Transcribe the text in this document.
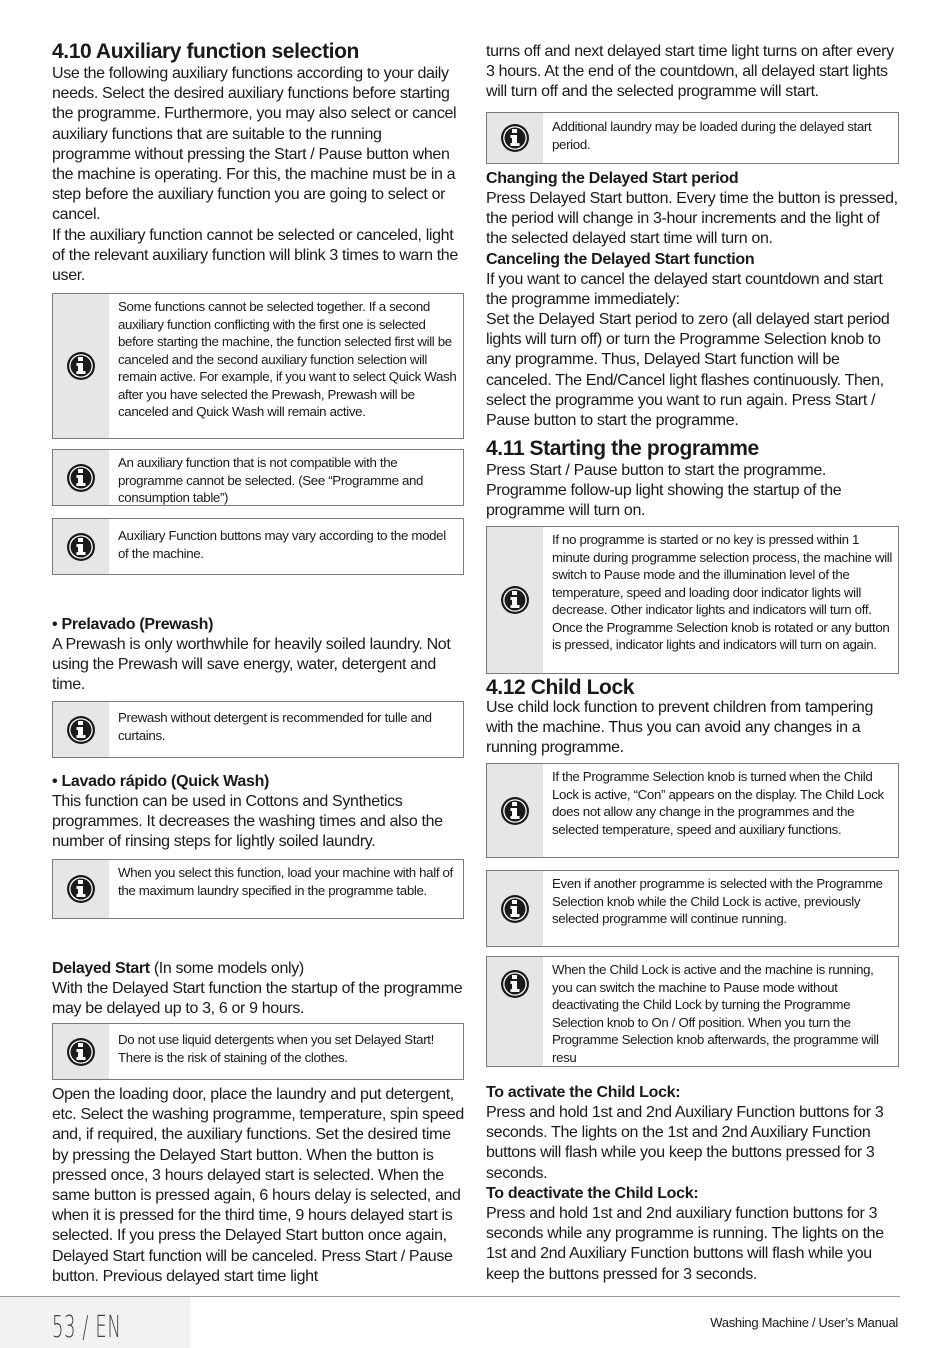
4.10 Auxiliary function selection

Use the following auxiliary functions according to your daily needs. Select the desired auxiliary functions before starting the programme. Furthermore, you may also select or cancel auxiliary functions that are suitable to the running programme without pressing the Start / Pause button when the machine is operating. For this, the machine must be in a step before the auxiliary function you are going to select or cancel.

If the auxiliary function cannot be selected or canceled, light of the relevant auxiliary function will blink 3 times to warn the user.

Some functions cannot be selected together. If a second auxiliary function conflicting with the first one is selected before starting the machine, the function selected first will be canceled and the second auxiliary function selection will remain active. For example, if you want to select Quick Wash after you have selected the Prewash, Prewash will be canceled and Quick Wash will remain active.
An auxiliary function that is not compatible with the programme cannot be selected. (See “Programme and consumption table”)
Auxiliary Function buttons may vary according to the model of the machine.
• Prelavado (Prewash)

A Prewash is only worthwhile for heavily soiled laundry. Not using the Prewash will save energy, water, detergent and time.

Prewash without detergent is recommended for tulle and curtains.
• Lavado rápido (Quick Wash)

This function can be used in Cottons and Synthetics programmes. It decreases the washing times and also the number of rinsing steps for lightly soiled laundry.

When you select this function, load your machine with half of the maximum laundry specified in the programme table.
Delayed Start (In some models only)

With the Delayed Start function the startup of the programme may be delayed up to 3, 6 or 9 hours.

Do not use liquid detergents when you set Delayed Start! There is the risk of staining of the clothes.

Open the loading door, place the laundry and put detergent, etc. Select the washing programme, temperature, spin speed and, if required, the auxiliary functions. Set the desired time by pressing the Delayed Start button. When the button is pressed once, 3 hours delayed start is selected. When the same button is pressed again, 6 hours delay is selected, and when it is pressed for the third time, 9 hours delayed start is selected. If you press the Delayed Start button once again, Delayed Start function will be canceled. Press Start / Pause button. Previous delayed start time light

turns off and next delayed start time light turns on after every 3 hours. At the end of the countdown, all delayed start lights will turn off and the selected programme will start.

Additional laundry may be loaded during the delayed start period.
Changing the Delayed Start period

Press Delayed Start button. Every time the button is pressed, the period will change in 3-hour increments and the light of the selected delayed start time will turn on.

Canceling the Delayed Start function

If you want to cancel the delayed start countdown and start the programme immediately:

Set the Delayed Start period to zero (all delayed start period lights will turn off) or turn the Programme Selection knob to any programme. Thus, Delayed Start function will be canceled. The End/Cancel light flashes continuously. Then, select the programme you want to run again. Press Start / Pause button to start the programme.

4.11 Starting the programme

Press Start / Pause button to start the programme. Programme follow-up light showing the startup of the programme will turn on.

If no programme is started or no key is pressed within 1 minute during programme selection process, the machine will switch to Pause mode and the illumination level of the temperature, speed and loading door indicator lights will decrease. Other indicator lights and indicators will turn off. Once the Programme Selection knob is rotated or any button is pressed, indicator lights and indicators will turn on again.
4.12 Child Lock

Use child lock function to prevent children from tampering with the machine. Thus you can avoid any changes in a running programme.

If the Programme Selection knob is turned when the Child Lock is active, “Con” appears on the display. The Child Lock does not allow any change in the programmes and the selected temperature, speed and auxiliary functions.
Even if another programme is selected with the Programme Selection knob while the Child Lock is active, previously selected programme will continue running.
When the Child Lock is active and the machine is running, you can switch the machine to Pause mode without deactivating the Child Lock by turning the Programme Selection knob to On / Off position. When you turn the Programme Selection knob afterwards, the programme will resu
To activate the Child Lock:

Press and hold 1st and 2nd Auxiliary Function buttons for 3 seconds. The lights on the 1st and 2nd Auxiliary Function buttons will flash while you keep the buttons pressed for 3 seconds.

To deactivate the Child Lock:

Press and hold 1st and 2nd auxiliary function buttons for 3 seconds while any programme is running. The lights on the 1st and 2nd Auxiliary Function buttons will flash while you keep the buttons pressed for 3 seconds.

53 / EN	Washing Machine / User’s Manual
